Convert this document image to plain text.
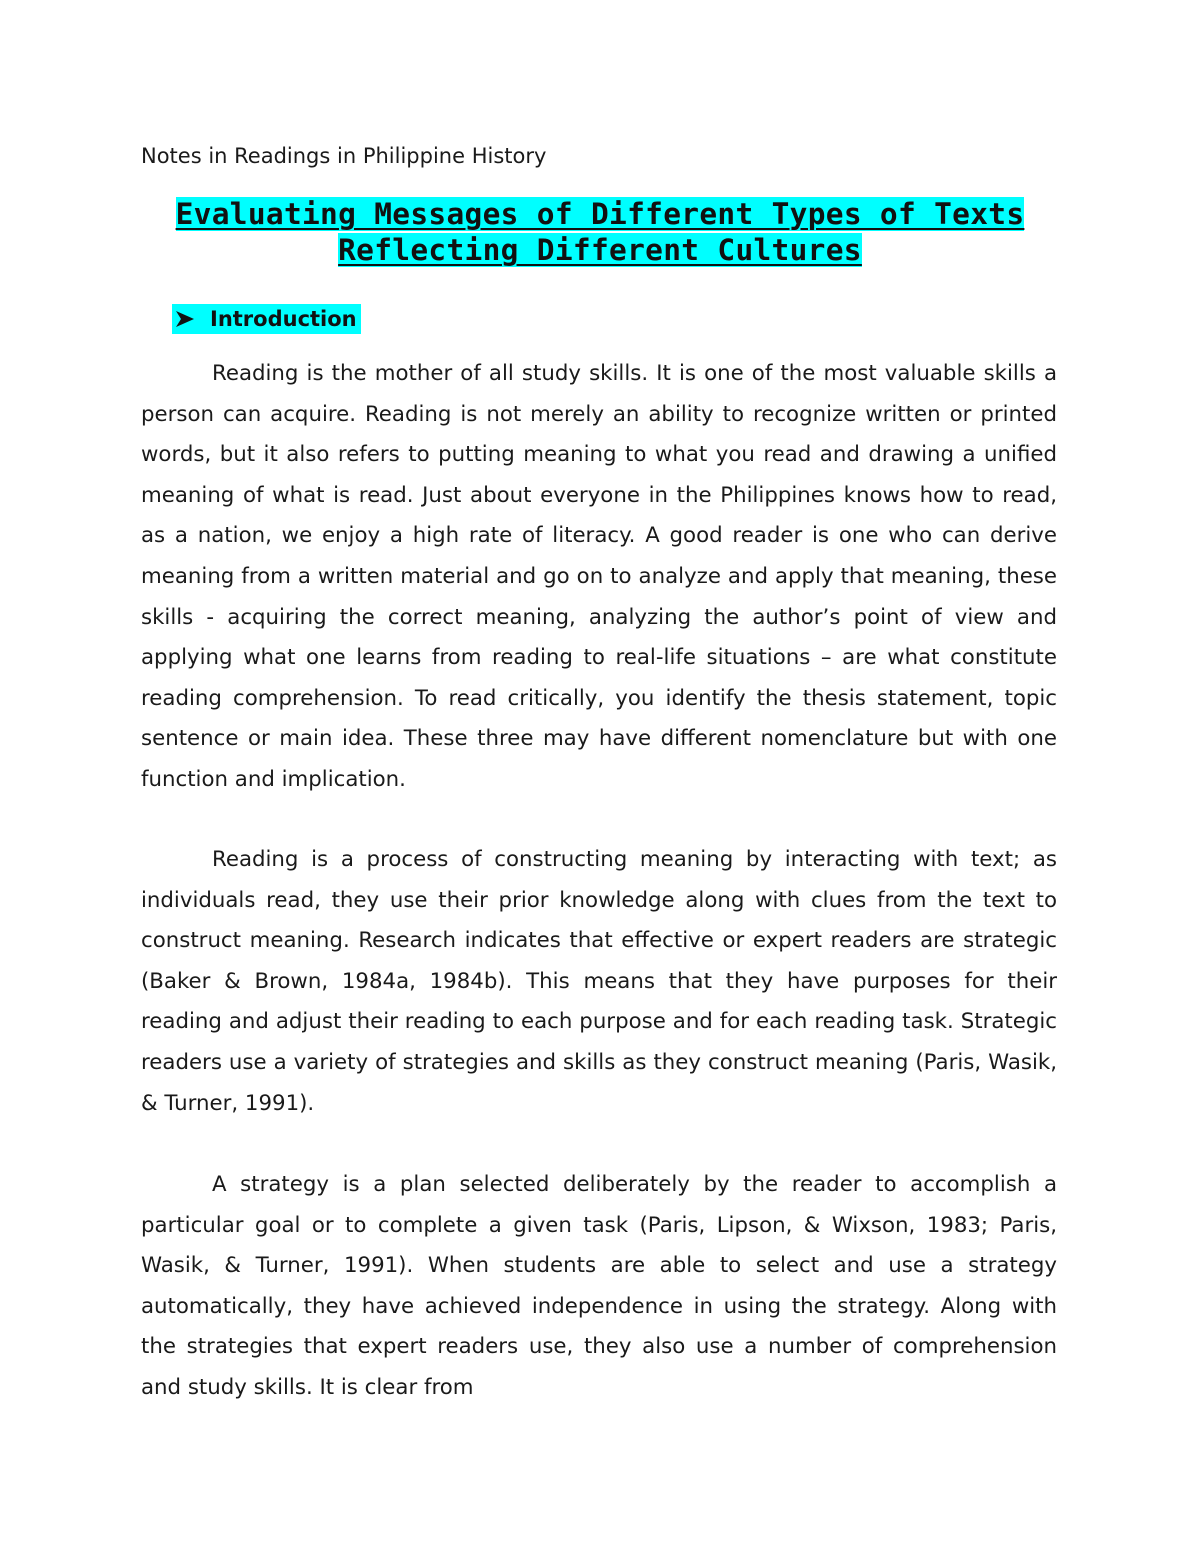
Notes in Readings in Philippine History
Evaluating Messages of Different Types of Texts
Reflecting Different Cultures
Introduction

Reading is the mother of all study skills. It is one of the most valuable skills a person can acquire. Reading is not merely an ability to recognize written or printed words, but it also refers to putting meaning to what you read and drawing a unified meaning of what is read. Just about everyone in the Philippines knows how to read, as a nation, we enjoy a high rate of literacy. A good reader is one who can derive meaning from a written material and go on to analyze and apply that meaning, these skills - acquiring the correct meaning, analyzing the author’s point of view and applying what one learns from reading to real-life situations – are what constitute reading comprehension. To read critically, you identify the thesis statement, topic sentence or main idea. These three may have different nomenclature but with one function and implication.

Reading is a process of constructing meaning by interacting with text; as individuals read, they use their prior knowledge along with clues from the text to construct meaning. Research indicates that effective or expert readers are strategic (Baker & Brown, 1984a, 1984b). This means that they have purposes for their reading and adjust their reading to each purpose and for each reading task. Strategic readers use a variety of strategies and skills as they construct meaning (Paris, Wasik, & Turner, 1991).

A strategy is a plan selected deliberately by the reader to accomplish a particular goal or to complete a given task (Paris, Lipson, & Wixson, 1983; Paris, Wasik, & Turner, 1991). When students are able to select and use a strategy automatically, they have achieved independence in using the strategy. Along with the strategies that expert readers use, they also use a number of comprehension and study skills. It is clear from
